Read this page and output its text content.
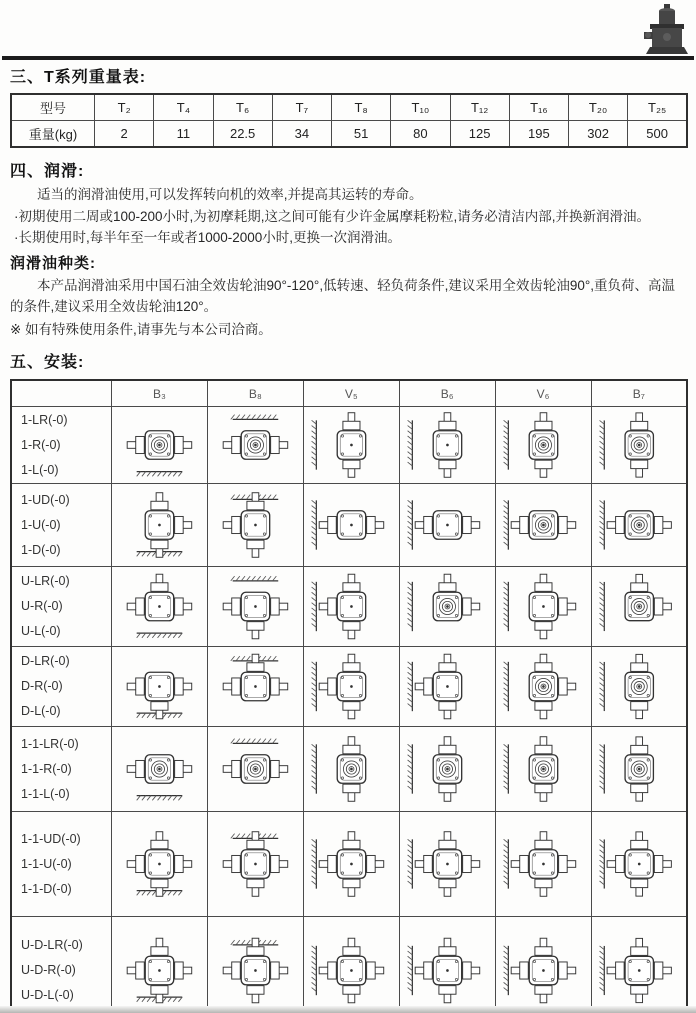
三、T系列重量表:
型号	T₂	T₄	T₆	T₇	T₈	T₁₀	T₁₂	T₁₆	T₂₀	T₂₅
重量(kg)	2	11	22.5	34	51	80	125	195	302	500
四、润滑:

适当的润滑油使用,可以发挥转向机的效率,并提高其运转的寿命。

·初期使用二周或100-200小时,为初摩耗期,这之间可能有少许金属摩耗粉粒,请务必清洁内部,并换新润滑油。

·长期使用时,每半年至一年或者1000-2000小时,更换一次润滑油。

润滑油种类:

本产品润滑油采用中国石油全效齿轮油90°-120°,低转速、轻负荷条件,建议采用全效齿轮油90°,重负荷、高温的条件,建议采用全效齿轮油120°。

※ 如有特殊使用条件,请事先与本公司洽商。

五、安装:
	B₃	B₈	V₅	B₆	V₆	B₇

1-LR(-0)
1-R(-0)
1-L(-0)

1-UD(-0)
1-U(-0)
1-D(-0)

U-LR(-0)
U-R(-0)
U-L(-0)

D-LR(-0)
D-R(-0)
D-L(-0)

1-1-LR(-0)
1-1-R(-0)
1-1-L(-0)

1-1-UD(-0)
1-1-U(-0)
1-1-D(-0)

U-D-LR(-0)
U-D-R(-0)
U-D-L(-0)
